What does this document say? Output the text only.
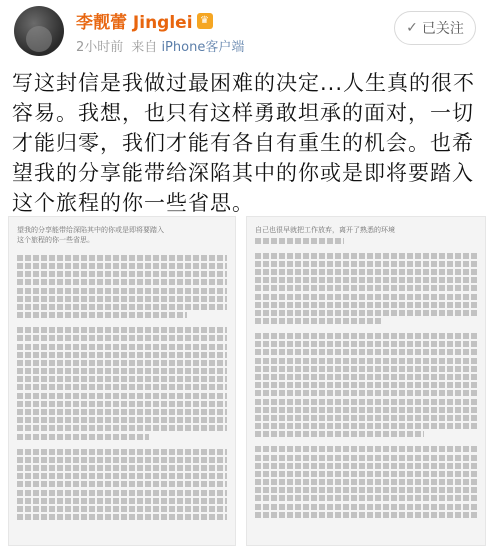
李靓蕾 Jinglei ♛
2小时前 来自 iPhone客户端
✓ 已关注
写这封信是我做过最困难的决定...人生真的很不容易。我想，也只有这样勇敢坦承的面对，一切才能归零，我们才能有各自有重生的机会。也希望我的分享能带给深陷其中的你或是即将要踏入这个旅程的你一些省思。
望我的分享能带给深陷其中的你或是即将要踏入
这个旅程的你一些省思。
自己也很早就把工作放弃，离开了熟悉的环境
